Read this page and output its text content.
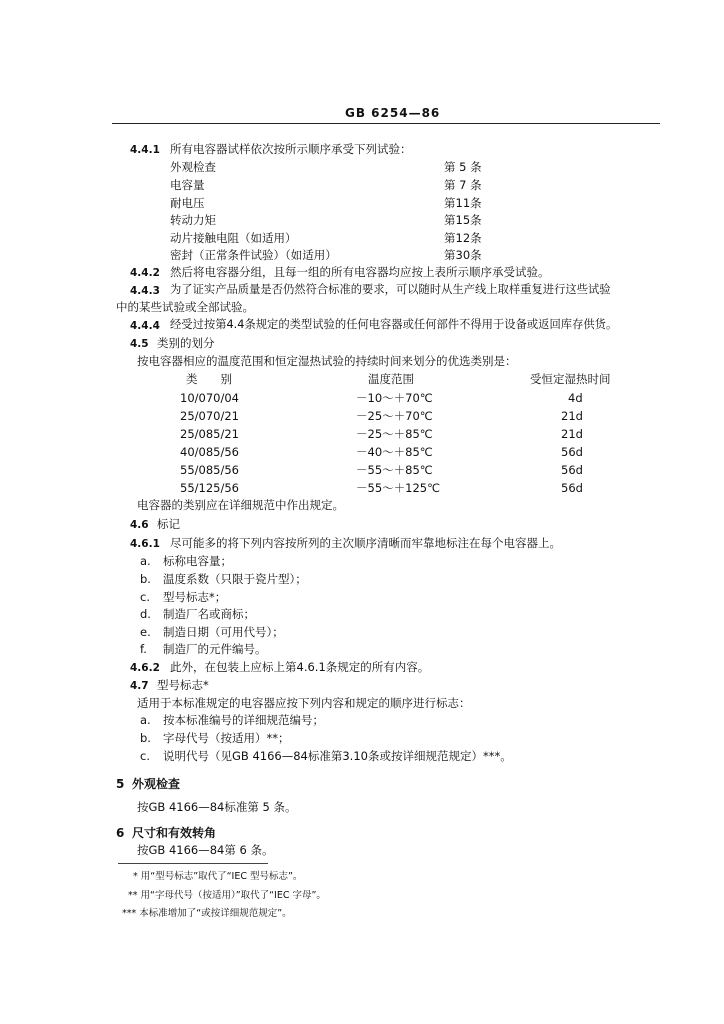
GB 6254—86
4.4.1 所有电容器试样依次按所示顺序承受下列试验：
外观检查	第 5 条
电容量	第 7 条
耐电压	第11条
转动力矩	第15条
动片接触电阻（如适用）	第12条
密封（正常条件试验）（如适用）	第30条
4.4.2 然后将电容器分组，且每一组的所有电容器均应按上表所示顺序承受试验。
4.4.3 为了证实产品质量是否仍然符合标准的要求，可以随时从生产线上取样重复进行这些试验
中的某些试验或全部试验。
4.4.4 经受过按第4.4条规定的类型试验的任何电容器或任何部件不得用于设备或返回库存供货。
4.5 类别的划分
按电容器相应的温度范围和恒定湿热试验的持续时间来划分的优选类别是：
类　　别	温度范围	受恒定湿热时间
10/070/04	－10～＋70℃	4d
25/070/21	－25～＋70℃	21d
25/085/21	－25～＋85℃	21d
40/085/56	－40～＋85℃	56d
55/085/56	－55～＋85℃	56d
55/125/56	－55～＋125℃	56d
电容器的类别应在详细规范中作出规定。
4.6 标记
4.6.1 尽可能多的将下列内容按所列的主次顺序清晰而牢靠地标注在每个电容器上。
a. 标称电容量；
b. 温度系数（只限于瓷片型）；
c. 型号标志*；
d. 制造厂名或商标；
e. 制造日期（可用代号）；
f. 制造厂的元件编号。
4.6.2 此外，在包装上应标上第4.6.1条规定的所有内容。
4.7 型号标志*
适用于本标准规定的电容器应按下列内容和规定的顺序进行标志：
a. 按本标准编号的详细规范编号；
b. 字母代号（按适用）**；
c. 说明代号（见GB 4166—84标准第3.10条或按详细规范规定）***。
5 外观检查
按GB 4166—84标准第 5 条。
6 尺寸和有效转角
按GB 4166—84第 6 条。
* 用“型号标志”取代了“IEC 型号标志”。
** 用“字母代号（按适用）”取代了“IEC 字母”。
*** 本标准增加了“或按详细规范规定”。
